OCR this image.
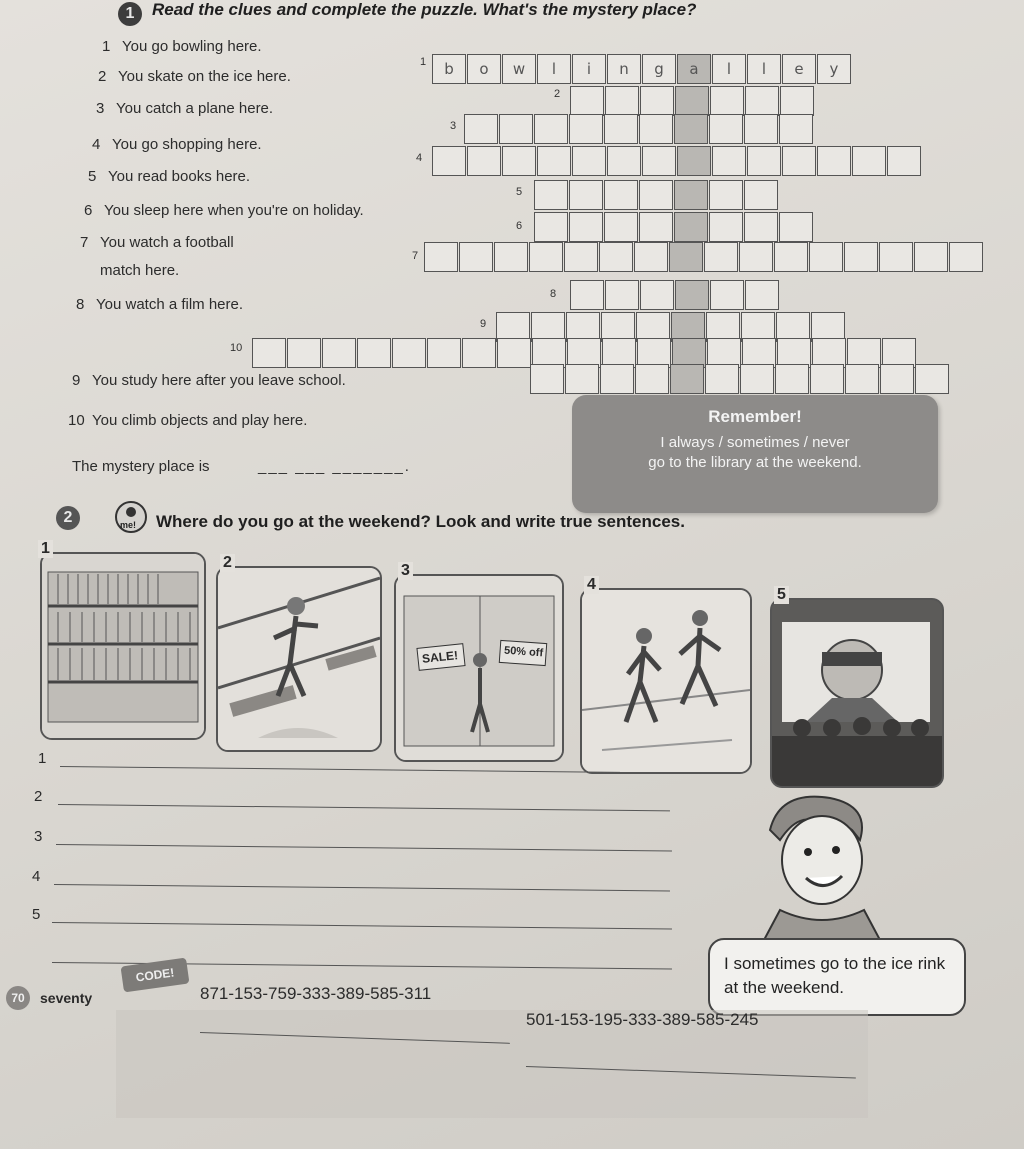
1	Read the clues and complete the puzzle. What's the mystery place?
1 You go bowling here.
2 You skate on the ice here.
3 You catch a plane here.
4 You go shopping here.
5 You read books here.
6 You sleep here when you're on holiday.
7 You watch a football
match here.
8 You watch a film here.
9 You study here after you leave school.
10 You climb objects and play here.
1	b	o	w	l	i	n	g	a	l	l	e	y
2
3
4
5
6
7
8
9
10
The mystery place is	___ ___ _______.
Remember!

I always / sometimes / never

go to the library at the weekend.

2	me! Where do you go at the weekend? Look and write true sentences.
1
2
SALE!	50% off
3
4
5
1
2
3
4
5
I sometimes go to the ice rink at the weekend.
70	seventy
CODE!
871-153-759-333-389-585-311
501-153-195-333-389-585-245
